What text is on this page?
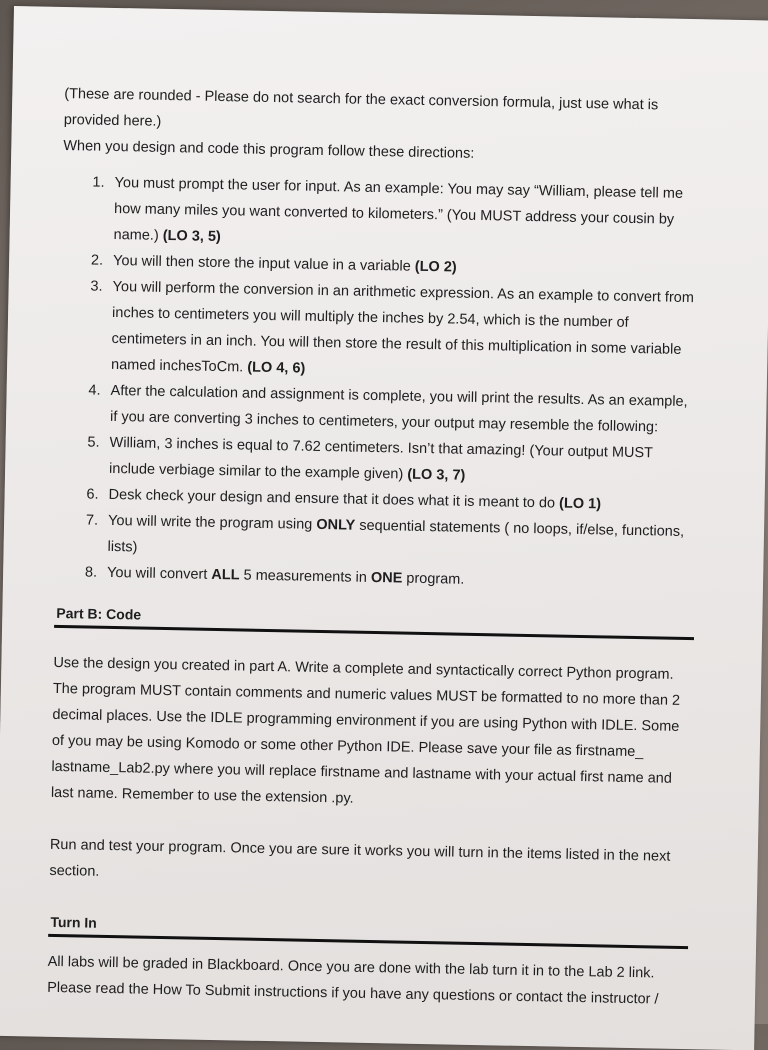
(These are rounded - Please do not search for the exact conversion formula, just use what is provided here.)

When you design and code this program follow these directions:

1. You must prompt the user for input. As an example: You may say “William, please tell me how many miles you want converted to kilometers.” (You MUST address your cousin by name.) (LO 3, 5)
2. You will then store the input value in a variable (LO 2)
3. You will perform the conversion in an arithmetic expression. As an example to convert from inches to centimeters you will multiply the inches by 2.54, which is the number of centimeters in an inch. You will then store the result of this multiplication in some variable named inchesToCm. (LO 4, 6)
4. After the calculation and assignment is complete, you will print the results. As an example, if you are converting 3 inches to centimeters, your output may resemble the following:
5. William, 3 inches is equal to 7.62 centimeters. Isn’t that amazing! (Your output MUST include verbiage similar to the example given) (LO 3, 7)
6. Desk check your design and ensure that it does what it is meant to do (LO 1)
7. You will write the program using ONLY sequential statements ( no loops, if/else, functions, lists)
8. You will convert ALL 5 measurements in ONE program.
Part B: Code

Use the design you created in part A. Write a complete and syntactically correct Python program. The program MUST contain comments and numeric values MUST be formatted to no more than 2 decimal places. Use the IDLE programming environment if you are using Python with IDLE. Some of you may be using Komodo or some other Python IDE. Please save your file as firstname_ lastname_Lab2.py where you will replace firstname and lastname with your actual first name and last name. Remember to use the extension .py.

Run and test your program. Once you are sure it works you will turn in the items listed in the next section.

Turn In

All labs will be graded in Blackboard. Once you are done with the lab turn it in to the Lab 2 link. Please read the How To Submit instructions if you have any questions or contact the instructor /
